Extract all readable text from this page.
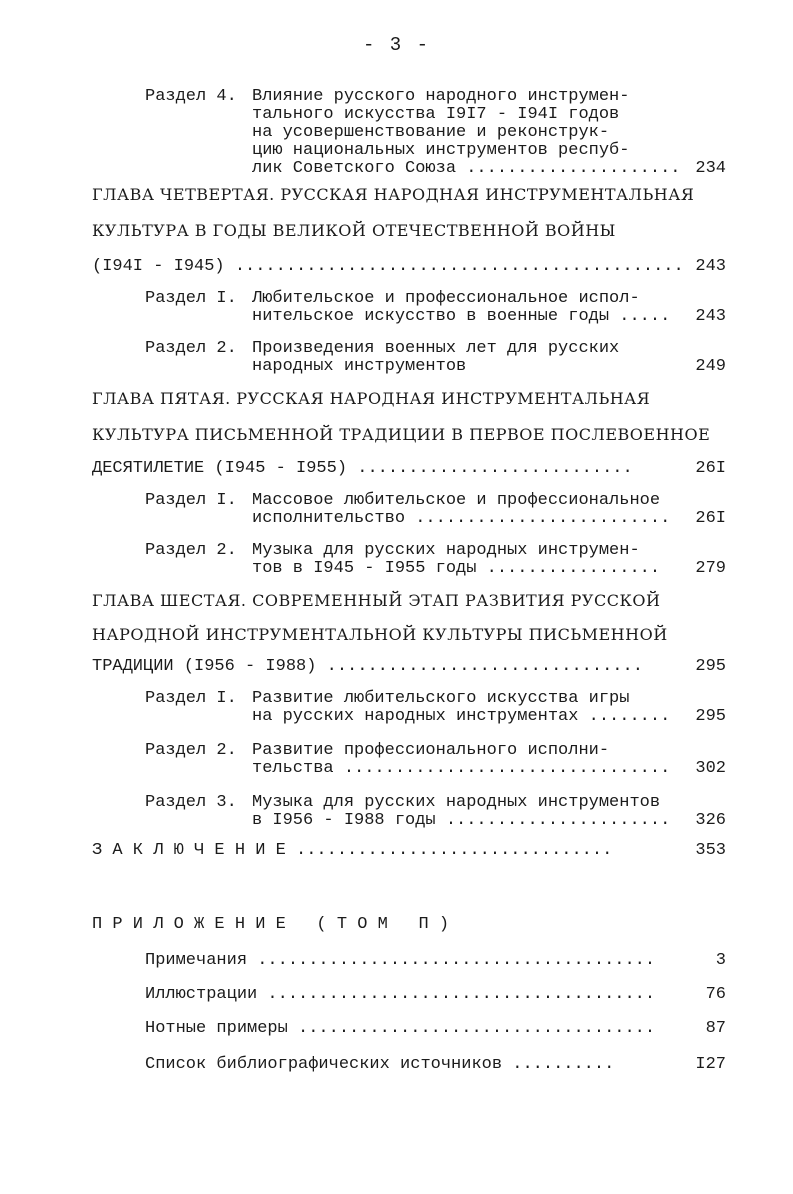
- 3 -
Раздел 4. Влияние русского народного инструмен-
тального искусства I9I7 - I94I годов
на усовершенствование и реконструк-
цию национальных инструментов респуб-
лик Советского Союза ..................... 234
ГЛАВА ЧЕТВЕРТАЯ. РУССКАЯ НАРОДНАЯ ИНСТРУМЕНТАЛЬНАЯ
КУЛЬТУРА В ГОДЫ ВЕЛИКОЙ ОТЕЧЕСТВЕННОЙ ВОЙНЫ
(I94I - I945) ............................................ 243
Раздел I. Любительское и профессиональное испол-
нительское искусство в военные годы ..... 243
Раздел 2. Произведения военных лет для русских
народных инструментов	249
ГЛАВА ПЯТАЯ. РУССКАЯ НАРОДНАЯ ИНСТРУМЕНТАЛЬНАЯ
КУЛЬТУРА ПИСЬМЕННОЙ ТРАДИЦИИ В ПЕРВОЕ ПОСЛЕВОЕННОЕ
ДЕСЯТИЛЕТИЕ (I945 - I955) ...........................	26I
Раздел I. Массовое любительское и профессиональное
исполнительство ......................... 26I
Раздел 2. Музыка для русских народных инструмен-
тов в I945 - I955 годы ................. 279
ГЛАВА ШЕСТАЯ. СОВРЕМЕННЫЙ ЭТАП РАЗВИТИЯ РУССКОЙ
НАРОДНОЙ ИНСТРУМЕНТАЛЬНОЙ КУЛЬТУРЫ ПИСЬМЕННОЙ
ТРАДИЦИИ (I956 - I988) ...............................	295
Раздел I. Развитие любительского искусства игры
на русских народных инструментах ........ 295
Раздел 2. Развитие профессионального исполни-
тельства ................................ 302
Раздел 3. Музыка для русских народных инструментов
в I956 - I988 годы ...................... 326
З А К Л Ю Ч Е Н И Е ...............................	353
П Р И Л О Ж Е Н И Е   ( Т О М   П )
Примечания .......................................	3
Иллюстрации ......................................	76
Нотные примеры ...................................	87
Список библиографических источников ..........	I27
